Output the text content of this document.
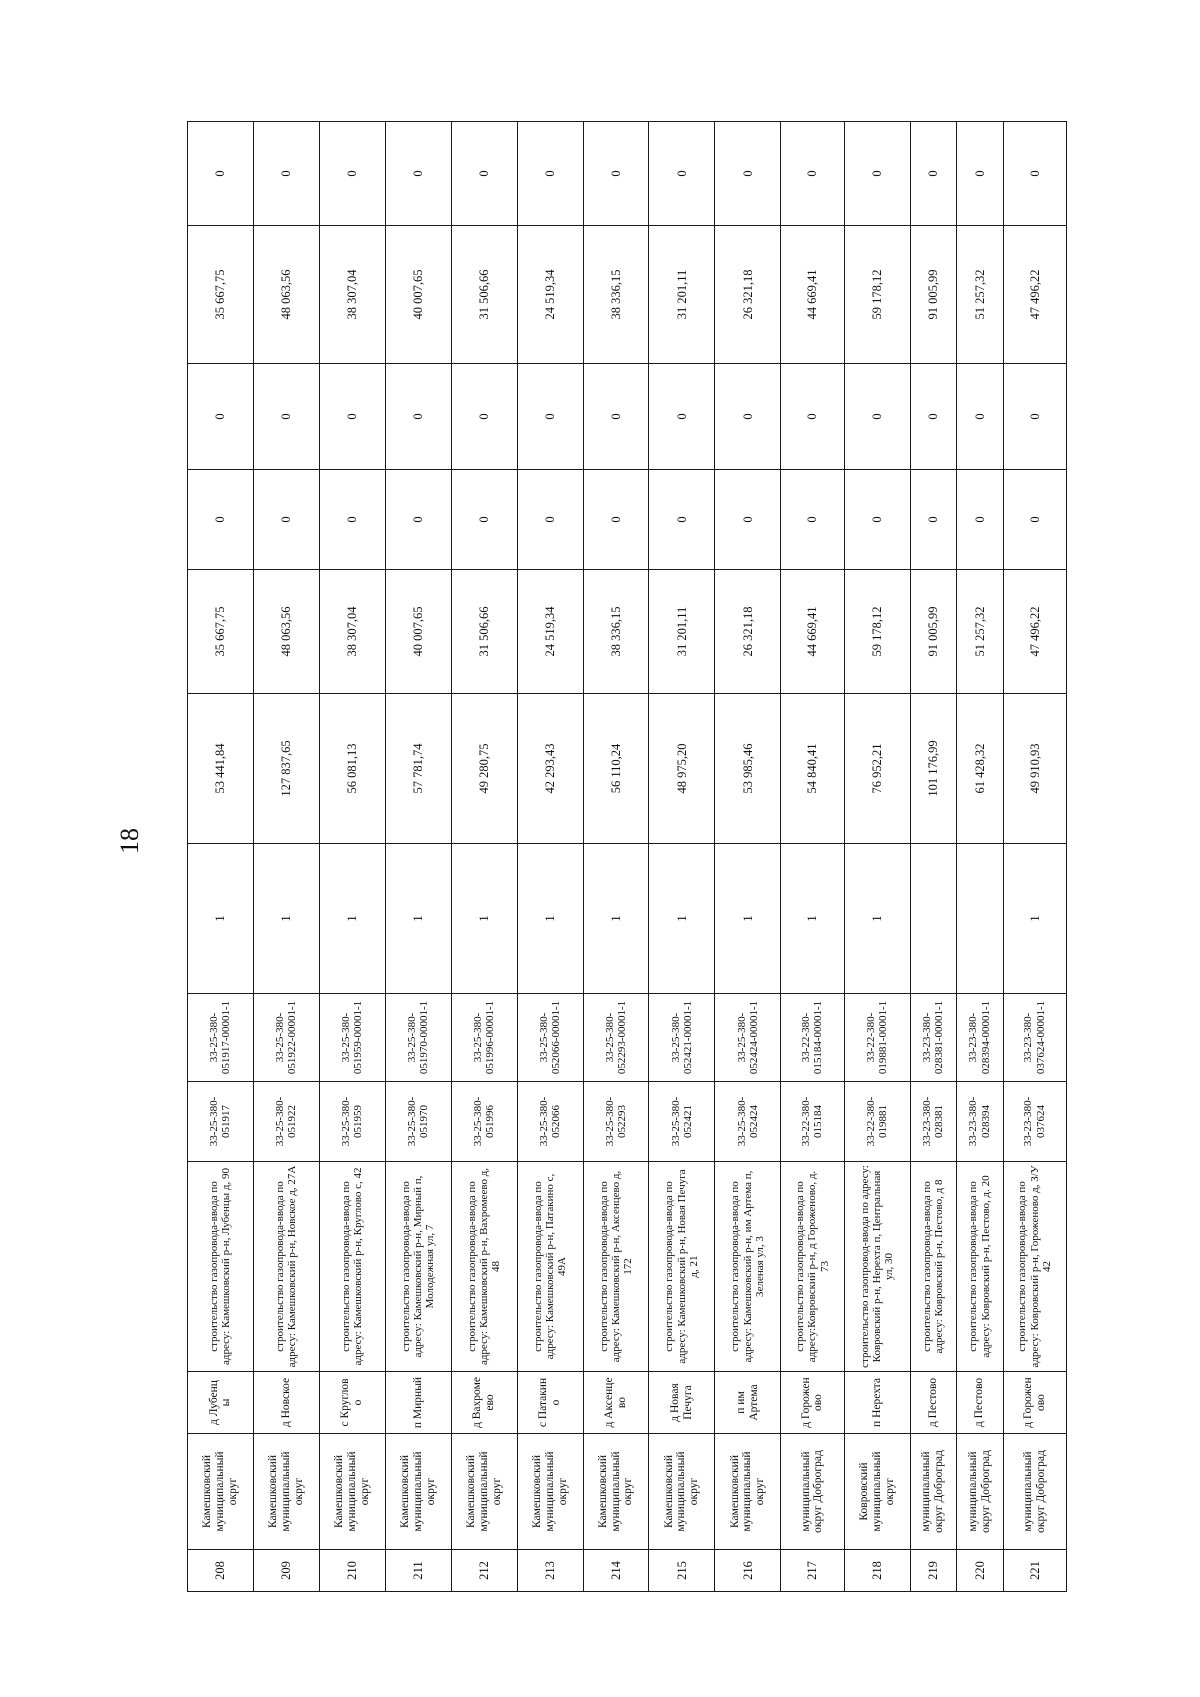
18
208	Камешковский муниципальный округ	д Лубенц ы	строительство газопровода-ввода по адресу: Камешковский р-н, Лубенцы д, 90	33-25-380-051917	33-25-380-051917-00001-1	1	53 441,84	35 667,75	0	0	35 667,75	0
209	Камешковский муниципальный округ	д Новское	строительство газопровода-ввода по адресу: Камешковский р-н, Новское д, 27А	33-25-380-051922	33-25-380-051922-00001-1	1	127 837,65	48 063,56	0	0	48 063,56	0
210	Камешковский муниципальный округ	с Круглов о	строительство газопровода-ввода по адресу: Камешковский р-н, Круглово с, 42	33-25-380-051959	33-25-380-051959-00001-1	1	56 081,13	38 307,04	0	0	38 307,04	0
211	Камешковский муниципальный округ	п Мирный	строительство газопровода-ввода по адресу: Камешковский р-н, Мирный п, Молодежная ул, 7	33-25-380-051970	33-25-380-051970-00001-1	1	57 781,74	40 007,65	0	0	40 007,65	0
212	Камешковский муниципальный округ	д Вахроме ево	строительство газопровода-ввода по адресу: Камешковский р-н, Вахромеево д, 48	33-25-380-051996	33-25-380-051996-00001-1	1	49 280,75	31 506,66	0	0	31 506,66	0
213	Камешковский муниципальный округ	с Патакин о	строительство газопровода-ввода по адресу: Камешковский р-н, Патакино с, 49А	33-25-380-052066	33-25-380-052066-00001-1	1	42 293,43	24 519,34	0	0	24 519,34	0
214	Камешковский муниципальный округ	д Аксенце во	строительство газопровода-ввода по адресу: Камешковский р-н, Аксенцево д, 172	33-25-380-052293	33-25-380-052293-00001-1	1	56 110,24	38 336,15	0	0	38 336,15	0
215	Камешковский муниципальный округ	д Новая Печуга	строительство газопровода-ввода по адресу: Камешковский р-н, Новая Печуга д, 21	33-25-380-052421	33-25-380-052421-00001-1	1	48 975,20	31 201,11	0	0	31 201,11	0
216	Камешковский муниципальный округ	п им Артема	строительство газопровода-ввода по адресу: Камешковский р-н, им Артема п, Зеленая ул, 3	33-25-380-052424	33-25-380-052424-00001-1	1	53 985,46	26 321,18	0	0	26 321,18	0
217	муниципальный округ Доброград	д Горожен ово	строительство газопровода-ввода по адресу:Ковровский р-н, д Гороженово, д. 73	33-22-380-015184	33-22-380-015184-00001-1	1	54 840,41	44 669,41	0	0	44 669,41	0
218	Ковровский муниципальный округ	п Нерехта	строительство газопровод-ввода по адресу: Ковровский р-н, Нерехта п, Центральная ул, 30	33-22-380-019881	33-22-380-019881-00001-1	1	76 952,21	59 178,12	0	0	59 178,12	0
219	муниципальный округ Доброград	д Пестово	строительство газопровода-ввода по адресу: Ковровский р-н, Пестово, д 8	33-23-380-028381	33-23-380-028381-00001-1		101 176,99	91 005,99	0	0	91 005,99	0
220	муниципальный округ Доброград	д Пестово	строительство газопровода-ввода по адресу: Ковровский р-н, Пестово, д. 20	33-23-380-028394	33-23-380-028394-00001-1		61 428,32	51 257,32	0	0	51 257,32	0
221	муниципальный округ Доброград	д Горожен ово	строительство газопровода-ввода по адресу: Ковровский р-н, Гороженово д, З/У 42	33-23-380-037624	33-23-380-037624-00001-1	1	49 910,93	47 496,22	0	0	47 496,22	0
